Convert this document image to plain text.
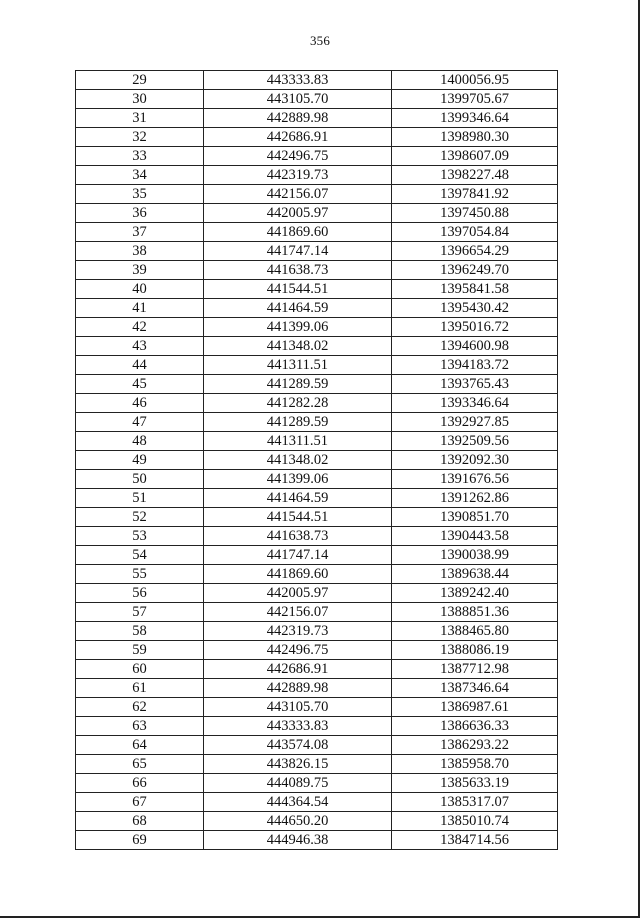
356
29	443333.83	1400056.95
30	443105.70	1399705.67
31	442889.98	1399346.64
32	442686.91	1398980.30
33	442496.75	1398607.09
34	442319.73	1398227.48
35	442156.07	1397841.92
36	442005.97	1397450.88
37	441869.60	1397054.84
38	441747.14	1396654.29
39	441638.73	1396249.70
40	441544.51	1395841.58
41	441464.59	1395430.42
42	441399.06	1395016.72
43	441348.02	1394600.98
44	441311.51	1394183.72
45	441289.59	1393765.43
46	441282.28	1393346.64
47	441289.59	1392927.85
48	441311.51	1392509.56
49	441348.02	1392092.30
50	441399.06	1391676.56
51	441464.59	1391262.86
52	441544.51	1390851.70
53	441638.73	1390443.58
54	441747.14	1390038.99
55	441869.60	1389638.44
56	442005.97	1389242.40
57	442156.07	1388851.36
58	442319.73	1388465.80
59	442496.75	1388086.19
60	442686.91	1387712.98
61	442889.98	1387346.64
62	443105.70	1386987.61
63	443333.83	1386636.33
64	443574.08	1386293.22
65	443826.15	1385958.70
66	444089.75	1385633.19
67	444364.54	1385317.07
68	444650.20	1385010.74
69	444946.38	1384714.56
